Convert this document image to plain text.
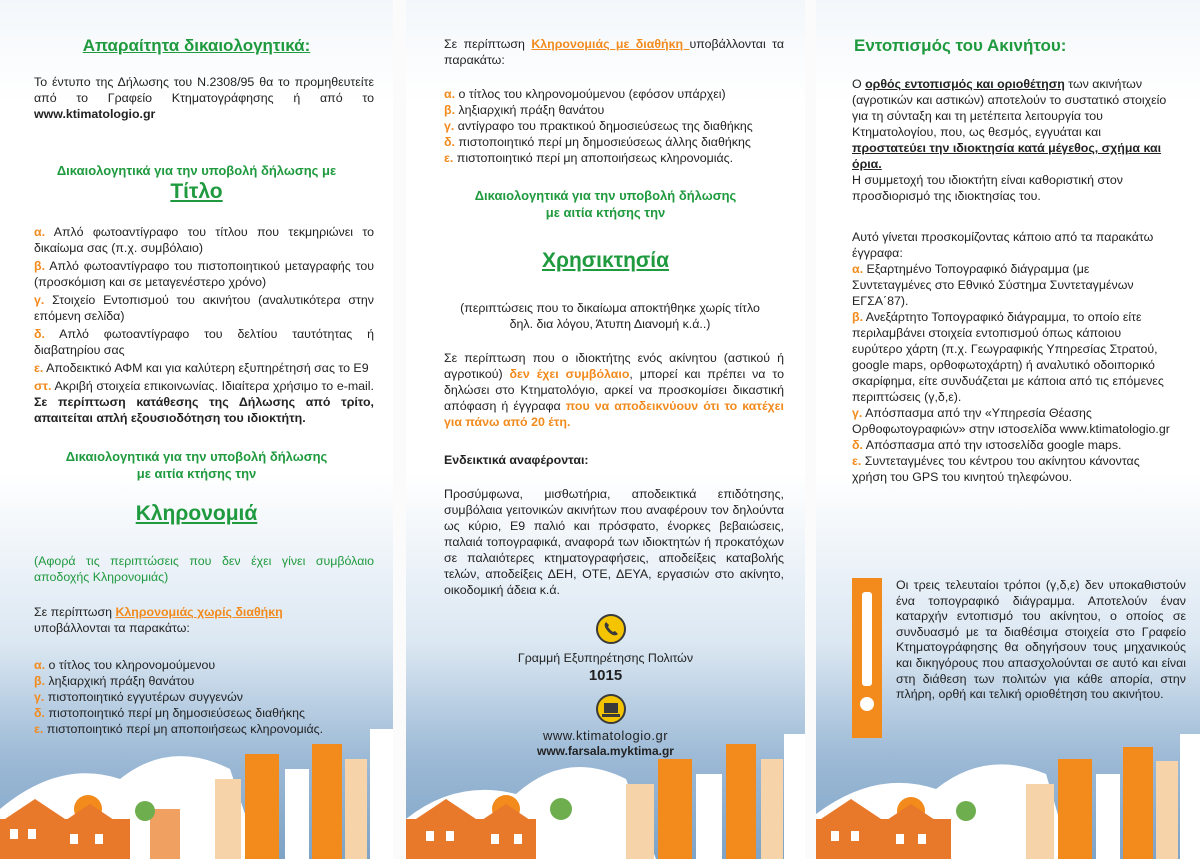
Απαραίτητα δικαιολογητικά:
Το έντυπο της Δήλωσης του Ν.2308/95 θα το προμηθευτείτε από το Γραφείο Κτηματογράφησης ή από το www.ktimatologio.gr
Δικαιολογητικά για την υποβολή δήλωσης με
Τίτλο
α. Απλό φωτοαντίγραφο του τίτλου που τεκμηριώνει το δικαίωμα σας (π.χ. συμβόλαιο)
β. Απλό φωτοαντίγραφο του πιστοποιητικού μεταγραφής του (προσκόμιση και σε μεταγενέστερο χρόνο)
γ. Στοιχείο Εντοπισμού του ακινήτου (αναλυτικότερα στην επόμενη σελίδα)
δ. Απλό φωτοαντίγραφο του δελτίου ταυτότητας ή διαβατηρίου σας
ε. Αποδεικτικό ΑΦΜ και για καλύτερη εξυπηρέτησή σας το Ε9
στ. Ακριβή στοιχεία επικοινωνίας. Ιδιαίτερα χρήσιμο το e-mail. Σε περίπτωση κατάθεσης της Δήλωσης από τρίτο, απαιτείται απλή εξουσιοδότηση του ιδιοκτήτη.
Δικαιολογητικά για την υποβολή δήλωσης
με αιτία κτήσης την
Κληρονομιά
(Αφορά τις περιπτώσεις που δεν έχει γίνει συμβόλαιο αποδοχής Κληρονομιάς)
Σε περίπτωση Κληρονομιάς χωρίς διαθήκη
υποβάλλονται τα παρακάτω:
α. ο τίτλος του κληρονομούμενου
β. ληξιαρχική πράξη θανάτου
γ. πιστοποιητικό εγγυτέρων συγγενών
δ. πιστοποιητικό περί μη δημοσιεύσεως διαθήκης
ε. πιστοποιητικό περί μη αποποιήσεως κληρονομιάς.
Σε περίπτωση Κληρονομιάς με διαθήκη υποβάλλονται τα παρακάτω:
α. ο τίτλος του κληρονομούμενου (εφόσον υπάρχει)
β. ληξιαρχική πράξη θανάτου
γ. αντίγραφο του πρακτικού δημοσιεύσεως της διαθήκης
δ. πιστοποιητικό περί μη δημοσιεύσεως άλλης διαθήκης
ε. πιστοποιητικό περί μη αποποιήσεως κληρονομιάς.
Δικαιολογητικά για την υποβολή δήλωσης
με αιτία κτήσης την
Χρησικτησία
(περιπτώσεις που το δικαίωμα αποκτήθηκε χωρίς τίτλο δηλ. δια λόγου, Άτυπη Διανομή κ.ά..)
Σε περίπτωση που ο ιδιοκτήτης ενός ακίνητου (αστικού ή αγροτικού) δεν έχει συμβόλαιο, μπορεί και πρέπει να το δηλώσει στο Κτηματολόγιο, αρκεί να προσκομίσει δικαστική απόφαση ή έγγραφα που να αποδεικνύουν ότι το κατέχει για πάνω από 20 έτη.
Ενδεικτικά αναφέρονται:
Προσύμφωνα, μισθωτήρια, αποδεικτικά επιδότησης, συμβόλαια γειτονικών ακινήτων που αναφέρουν τον δηλούντα ως κύριο, Ε9 παλιό και πρόσφατο, ένορκες βεβαιώσεις, παλαιά τοπογραφικά, αναφορά των ιδιοκτητών ή προκατόχων σε παλαιότερες κτηματογραφήσεις, αποδείξεις καταβολής τελών, αποδείξεις ΔΕΗ, ΟΤΕ, ΔΕΥΑ, εργασιών στο ακίνητο, οικοδομική άδεια κ.ά.
Γραμμή Εξυπηρέτησης Πολιτών
1015
www.ktimatologio.gr
www.farsala.myktima.gr
Εντοπισμός του Ακινήτου:
Ο ορθός εντοπισμός και οριοθέτηση των ακινήτων (αγροτικών και αστικών) αποτελούν το συστατικό στοιχείο για τη σύνταξη και τη μετέπειτα λειτουργία του Κτηματολογίου, που, ως θεσμός, εγγυάται και προστατεύει την ιδιοκτησία κατά μέγεθος, σχήμα και όρια.
Η συμμετοχή του ιδιοκτήτη είναι καθοριστική στον προσδιορισμό της ιδιοκτησίας του.
Αυτό γίνεται προσκομίζοντας κάποιο από τα παρακάτω έγγραφα:
α. Εξαρτημένο Τοπογραφικό διάγραμμα (με Συντεταγμένες στο Εθνικό Σύστημα Συντεταγμένων ΕΓΣΑ΄87).
β. Ανεξάρτητο Τοπογραφικό διάγραμμα, το οποίο είτε περιλαμβάνει στοιχεία εντοπισμού όπως κάποιου ευρύτερο χάρτη (π.χ. Γεωγραφικής Υπηρεσίας Στρατού, google maps, ορθοφωτοχάρτη) ή αναλυτικό οδοιπορικό σκαρίφημα, είτε συνδυάζεται με κάποια από τις επόμενες περιπτώσεις (γ,δ,ε).
γ. Απόσπασμα από την «Υπηρεσία Θέασης Ορθοφωτογραφιών» στην ιστοσελίδα www.ktimatologio.gr
δ. Απόσπασμα από την ιστοσελίδα google maps.
ε. Συντεταγμένες του κέντρου του ακίνητου κάνοντας χρήση του GPS του κινητού τηλεφώνου.
Οι τρεις τελευταίοι τρόποι (γ,δ,ε) δεν υποκαθιστούν ένα τοπογραφικό διάγραμμα. Αποτελούν έναν καταρχήν εντοπισμό του ακίνητου, ο οποίος σε συνδυασμό με τα διαθέσιμα στοιχεία στο Γραφείο Κτηματογράφησης θα οδηγήσουν τους μηχανικούς και δικηγόρους που απασχολούνται σε αυτό και είναι στη διάθεση των πολιτών για κάθε απορία, στην πλήρη, ορθή και τελική οριοθέτηση του ακινήτου.
